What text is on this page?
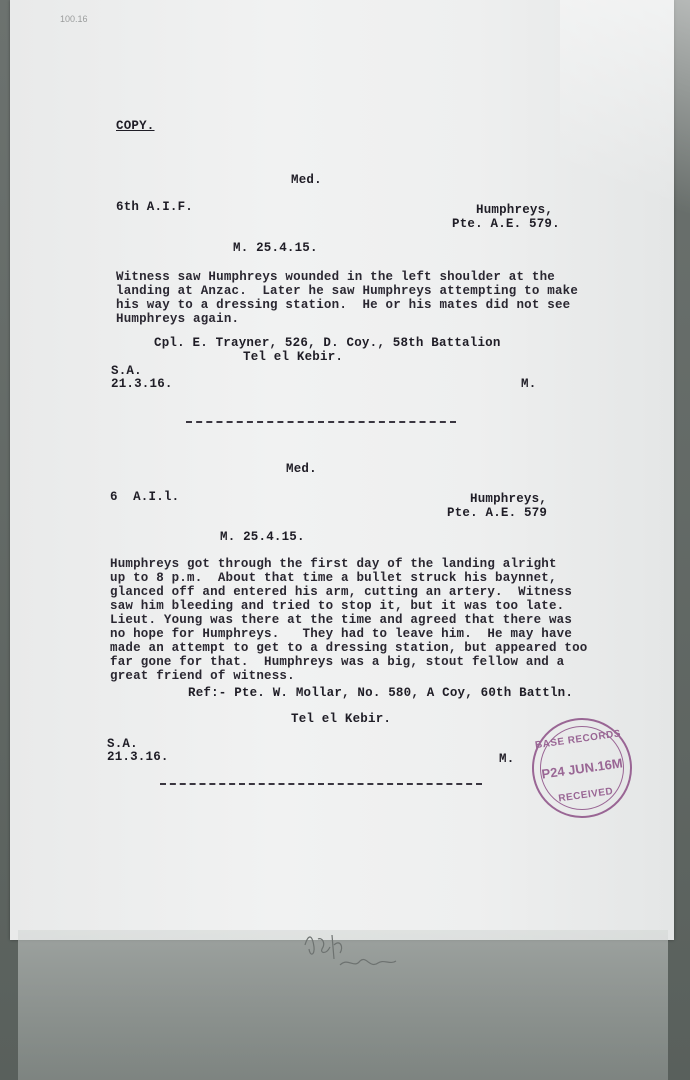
100.16
COPY.
Med.
6th A.I.F.	Humphreys,
Pte. A.E. 579.
M. 25.4.15.
Witness saw Humphreys wounded in the left shoulder at the
landing at Anzac.  Later he saw Humphreys attempting to make
his way to a dressing station.  He or his mates did not see
Humphreys again.
Cpl. E. Trayner, 526, D. Coy., 58th Battalion
Tel el Kebir.
S.A.
21.3.16.	M.
Med.
6  A.I.l.	Humphreys,
Pte. A.E. 579
M. 25.4.15.
Humphreys got through the first day of the landing alright
up to 8 p.m.  About that time a bullet struck his baynnet,
glanced off and entered his arm, cutting an artery.  Witness
saw him bleeding and tried to stop it, but it was too late.
Lieut. Young was there at the time and agreed that there was
no hope for Humphreys.   They had to leave him.  He may have
made an attempt to get to a dressing station, but appeared too
far gone for that.  Humphreys was a big, stout fellow and a
great friend of witness.
Ref:- Pte. W. Mollar, No. 580, A Coy, 60th Battln.
Tel el Kebir.
S.A.
21.3.16.	M.
BASE RECORDS
P24 JUN.16M
RECEIVED
